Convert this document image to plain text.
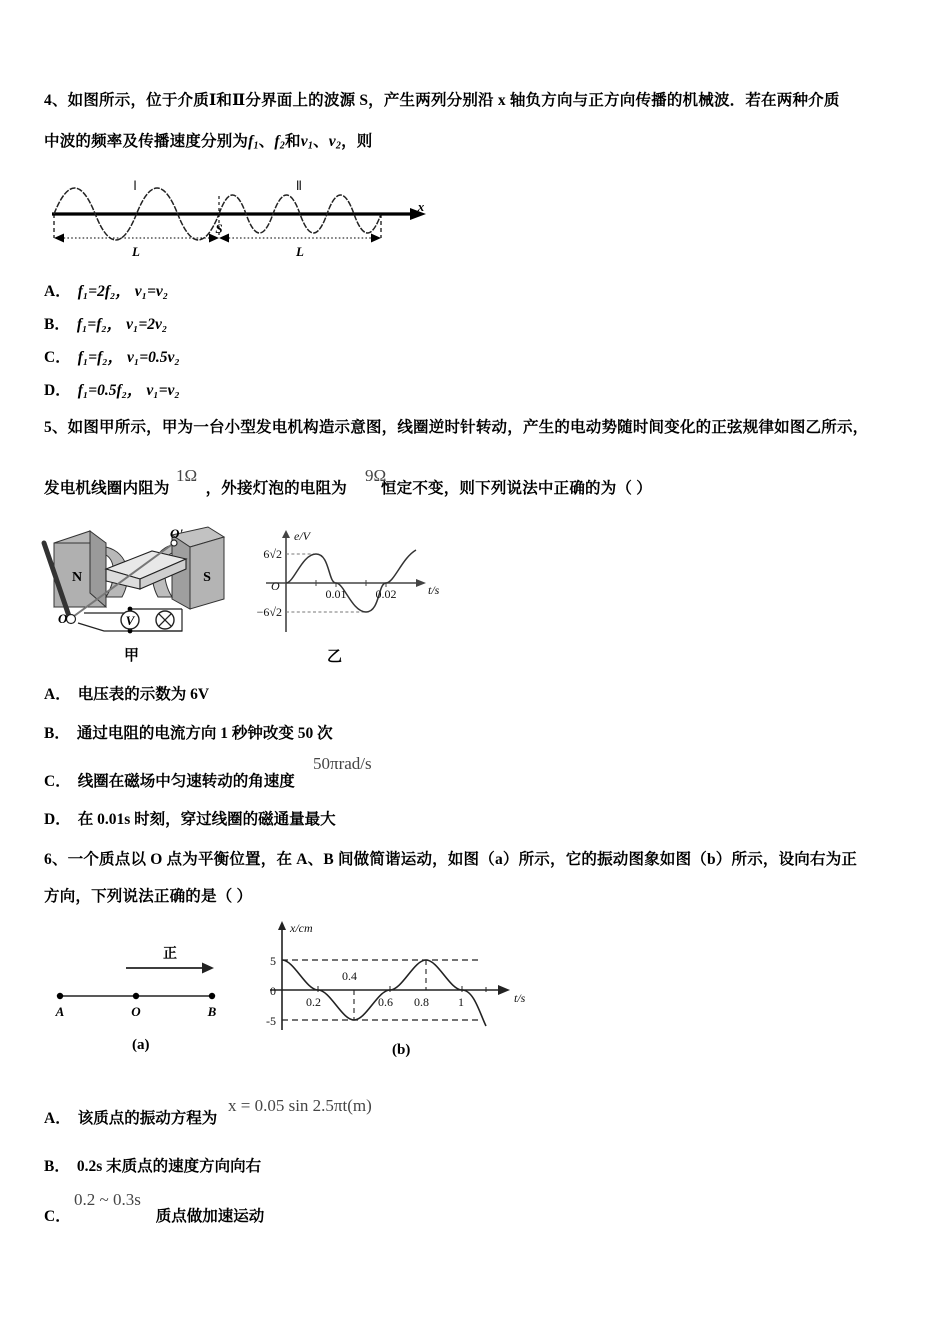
4、如图所示，位于介质Ⅰ和Ⅱ分界面上的波源 S，产生两列分别沿 x 轴负方向与正方向传播的机械波．若在两种介质
中波的频率及传播速度分别为$f_1$、$f_2$和$v_1$、$v_2$，则
Ⅰ	Ⅱ
S
x
L	L
A． f₁=2f₂， v₁=v₂
B． f₁=f₂， v₁=2v₂
C． f₁=f₂， v₁=0.5v₂
D． f₁=0.5f₂， v₁=v₂
5、如图甲所示，甲为一台小型发电机构造示意图，线圈逆时针转动，产生的电动势随时间变化的正弦规律如图乙所示，
发电机线圈内阻为 ，外接灯泡的电阻为 恒定不变，则下列说法中正确的为（ ）
1Ω	9Ω
N	S
O
O'
V
甲
e/V
t/s
O
6√2
−6√2
0.01 0.02
乙
A． 电压表的示数为 6V
B． 通过电阻的电流方向 1 秒钟改变 50 次
C． 线圈在磁场中匀速转动的角速度
50πrad/s
D． 在 0.01s 时刻，穿过线圈的磁通量最大
6、一个质点以 O 点为平衡位置，在 A、B 间做简谐运动，如图（a）所示，它的振动图象如图（b）所示，设向右为正
方向，下列说法正确的是（ ）
A	O	B
正
(a)
x/cm
t/s
5
0
-5
0.2
0.4
0.6 0.8 1
(b)
A． 该质点的振动方程为
x = 0.05 sin 2.5πt(m)
B． 0.2s 末质点的速度方向向右
C．	质点做加速运动
0.2 ~ 0.3s
